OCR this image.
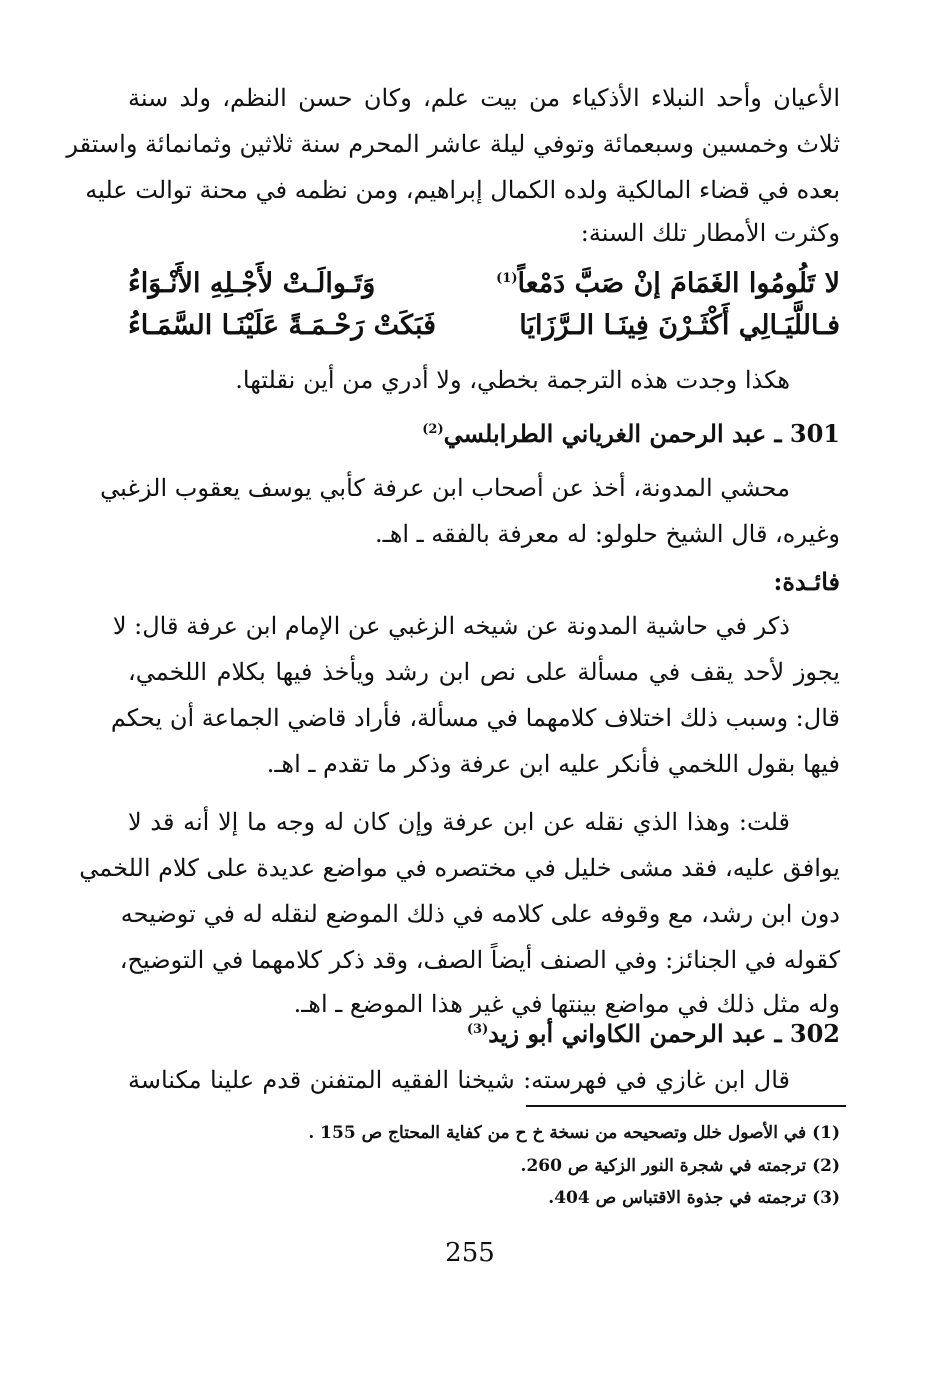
الأعيان وأحد النبلاء الأذكياء من بيت علم، وكان حسن النظم، ولد سنة
ثلاث وخمسين وسبعمائة وتوفي ليلة عاشر المحرم سنة ثلاثين وثمانمائة واستقر
بعده في قضاء المالكية ولده الكمال إبراهيم، ومن نظمه في محنة توالت عليه
وكثرت الأمطار تلك السنة:
لا تَلُومُوا الغَمَامَ إنْ صَبَّ دَمْعاً$^{(1)}$
وَتَـوالَـتْ لأَجْـلِهِ الأَنْـوَاءُ
فـاللَّيَـالِي أَكْثَـرْنَ فِينَـا الـرَّزَايَا
فَبَكَتْ رَحْـمَـةً عَلَيْنَـا السَّمَـاءُ
هكذا وجدت هذه الترجمة بخطي، ولا أدري من أين نقلتها.
301 ـ عبد الرحمن الغرياني الطرابلسي$^{(2)}$
محشي المدونة، أخذ عن أصحاب ابن عرفة كأبي يوسف يعقوب الزغبي
وغيره، قال الشيخ حلولو: له معرفة بالفقه ـ اهـ.
فائـدة:
ذكر في حاشية المدونة عن شيخه الزغبي عن الإمام ابن عرفة قال: لا
يجوز لأحد يقف في مسألة على نص ابن رشد ويأخذ فيها بكلام اللخمي،
قال: وسبب ذلك اختلاف كلامهما في مسألة، فأراد قاضي الجماعة أن يحكم
فيها بقول اللخمي فأنكر عليه ابن عرفة وذكر ما تقدم ـ اهـ.
قلت: وهذا الذي نقله عن ابن عرفة وإن كان له وجه ما إلا أنه قد لا
يوافق عليه، فقد مشى خليل في مختصره في مواضع عديدة على كلام اللخمي
دون ابن رشد، مع وقوفه على كلامه في ذلك الموضع لنقله له في توضيحه
كقوله في الجنائز: وفي الصنف أيضاً الصف، وقد ذكر كلامهما في التوضيح،
وله مثل ذلك في مواضع بينتها في غير هذا الموضع ـ اهـ.
302 ـ عبد الرحمن الكاواني أبو زيد$^{(3)}$
قال ابن غازي في فهرسته: شيخنا الفقيه المتفنن قدم علينا مكناسة
(1) في الأصول خلل وتصحيحه من نسخة خ ح من كفاية المحتاج ص 155 .
(2) ترجمته في شجرة النور الزكية ص 260.
(3) ترجمته في جذوة الاقتباس ص 404.
255
